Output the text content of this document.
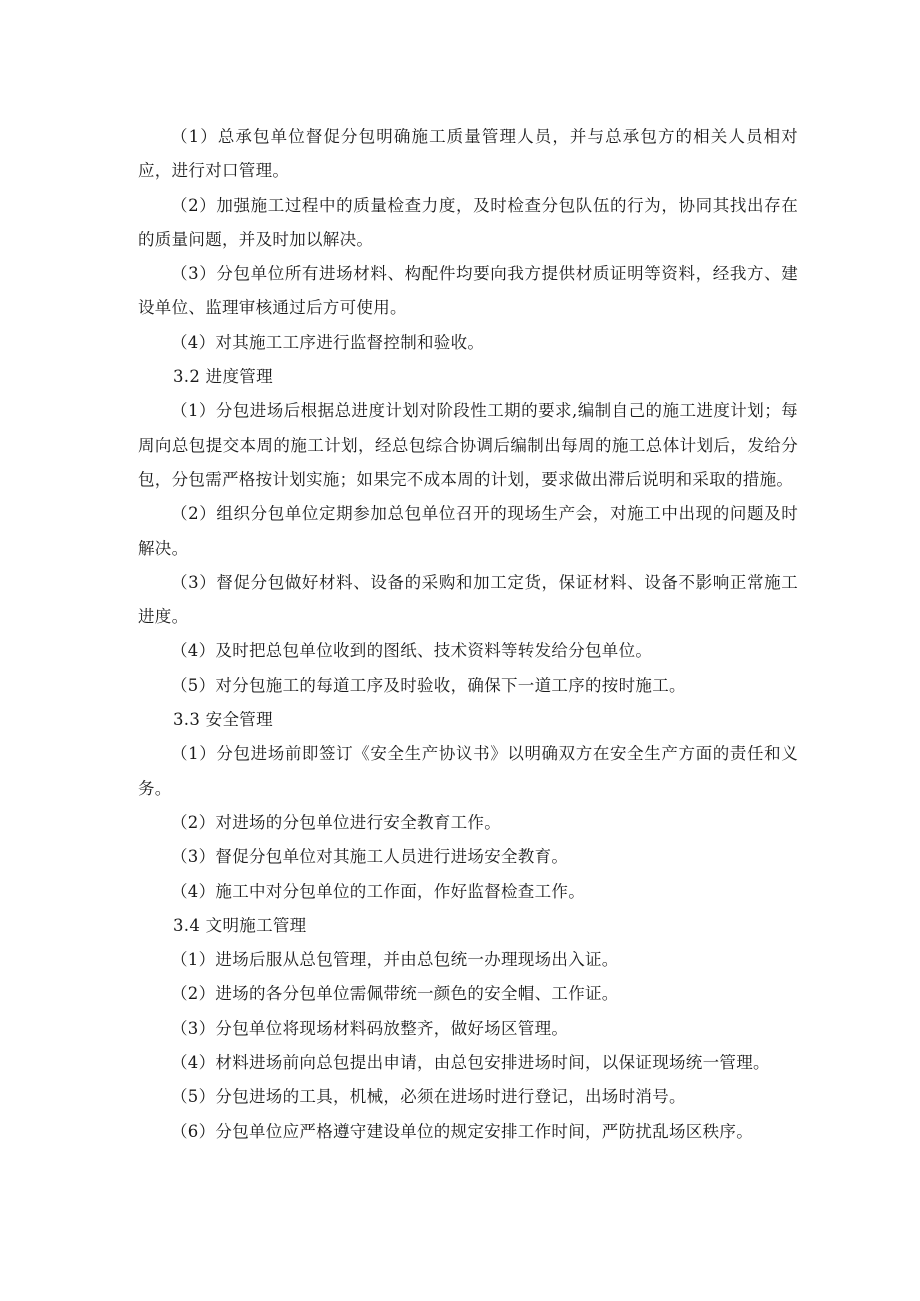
（1）总承包单位督促分包明确施工质量管理人员，并与总承包方的相关人员相对应，进行对口管理。

（2）加强施工过程中的质量检查力度，及时检查分包队伍的行为，协同其找出存在的质量问题，并及时加以解决。

（3）分包单位所有进场材料、构配件均要向我方提供材质证明等资料，经我方、建设单位、监理审核通过后方可使用。

（4）对其施工工序进行监督控制和验收。

3.2 进度管理

（1）分包进场后根据总进度计划对阶段性工期的要求,编制自己的施工进度计划；每周向总包提交本周的施工计划，经总包综合协调后编制出每周的施工总体计划后，发给分包，分包需严格按计划实施；如果完不成本周的计划，要求做出滞后说明和采取的措施。

（2）组织分包单位定期参加总包单位召开的现场生产会，对施工中出现的问题及时解决。

（3）督促分包做好材料、设备的采购和加工定货，保证材料、设备不影响正常施工进度。

（4）及时把总包单位收到的图纸、技术资料等转发给分包单位。

（5）对分包施工的每道工序及时验收，确保下一道工序的按时施工。

3.3 安全管理

（1）分包进场前即签订《安全生产协议书》以明确双方在安全生产方面的责任和义务。

（2）对进场的分包单位进行安全教育工作。

（3）督促分包单位对其施工人员进行进场安全教育。

（4）施工中对分包单位的工作面，作好监督检查工作。

3.4 文明施工管理

（1）进场后服从总包管理，并由总包统一办理现场出入证。

（2）进场的各分包单位需佩带统一颜色的安全帽、工作证。

（3）分包单位将现场材料码放整齐，做好场区管理。

（4）材料进场前向总包提出申请，由总包安排进场时间，以保证现场统一管理。

（5）分包进场的工具，机械，必须在进场时进行登记，出场时消号。

（6）分包单位应严格遵守建设单位的规定安排工作时间，严防扰乱场区秩序。
